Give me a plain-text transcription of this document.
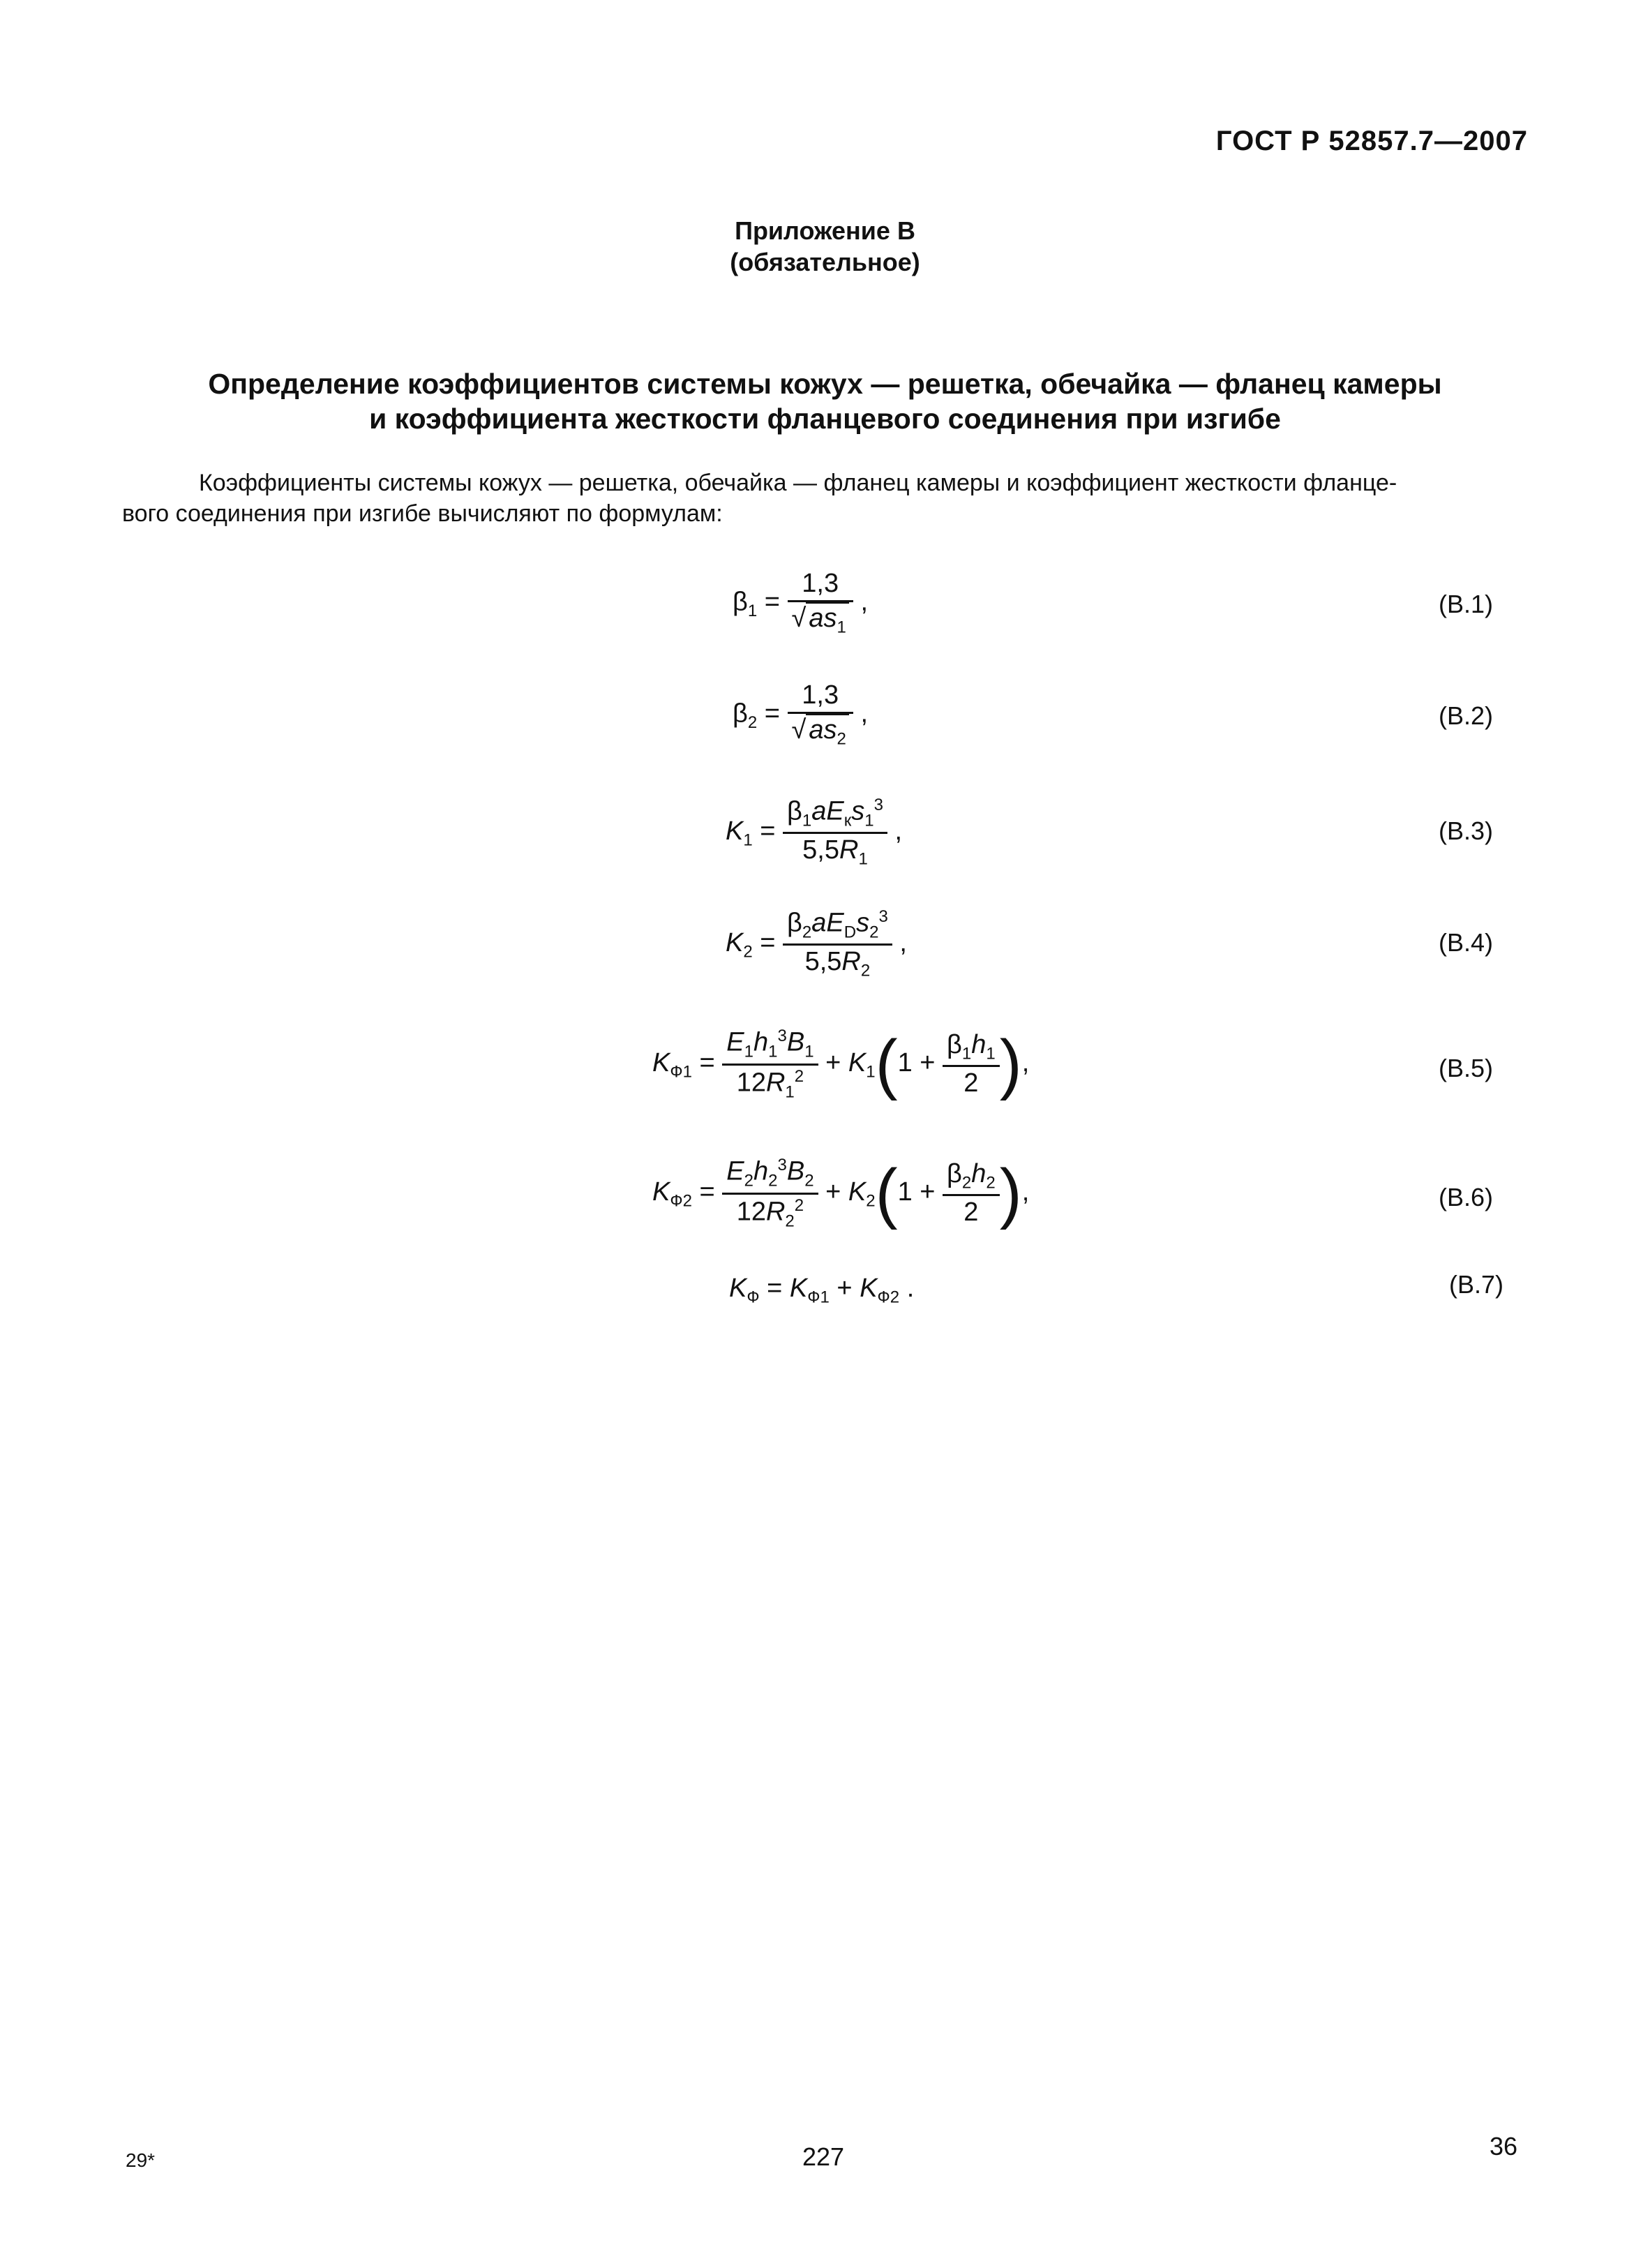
ГОСТ Р 52857.7—2007
Приложение В
(обязательное)
Определение коэффициентов системы кожух — решетка, обечайка — фланец камеры
и коэффициента жесткости фланцевого соединения при изгибе
Коэффициенты системы кожух — решетка, обечайка — фланец камеры и коэффициент жесткости фланце-
вого соединения при изгибе вычисляют по формулам:
$\beta_1 = \frac{1,3}{√ as_1}$ ,	(В.1)
$\beta_2 = \frac{1,3}{√ as_2}$ ,	(В.2)
$K_1 = \frac{\beta_1aE_кs_1^3}{5,5R_1}$ ,	(В.3)
$K_2 = \frac{\beta_2aE_Ds_2^3}{5,5R_2}$ ,	(В.4)
$K_{Ф1} = \frac{E_1h_1^3B_1}{12R_1^2} + K_1(1 + \frac{\beta_1h_1}{2}$ ),	(В.5)
$K_{Ф2} = \frac{E_2h_2^3B_2}{12R_2^2} + K_2(1 + \frac{\beta_2h_2}{2}$ ),	(В.6)
$K_Ф = K_{Ф1} + K_{Ф2}$ .	(В.7)
29*	227	36
